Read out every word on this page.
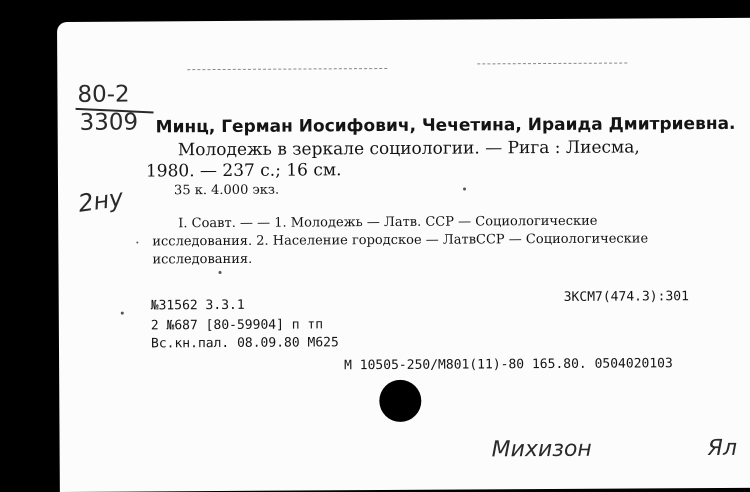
80-2
3309
2ну
Минц, Герман Иосифович, Чечетина, Ираида Дмитриевна.
Молодежь в зеркале социологии. — Рига : Лиесма,
1980. — 237 с.; 16 см.
35 к. 4.000 экз.
I. Соавт. — — 1. Молодежь — Латв. ССР — Социологические
исследования. 2. Население городское — ЛатвССР — Социологические
исследования.
№31562 3.3.1
3КСМ7(474.3):301
2 №687 [80-59904] п тп
Вс.кн.пал. 08.09.80 М625
М 10505-250/М801(11)-80 165.80. 0504020103
Михизон	Ял
